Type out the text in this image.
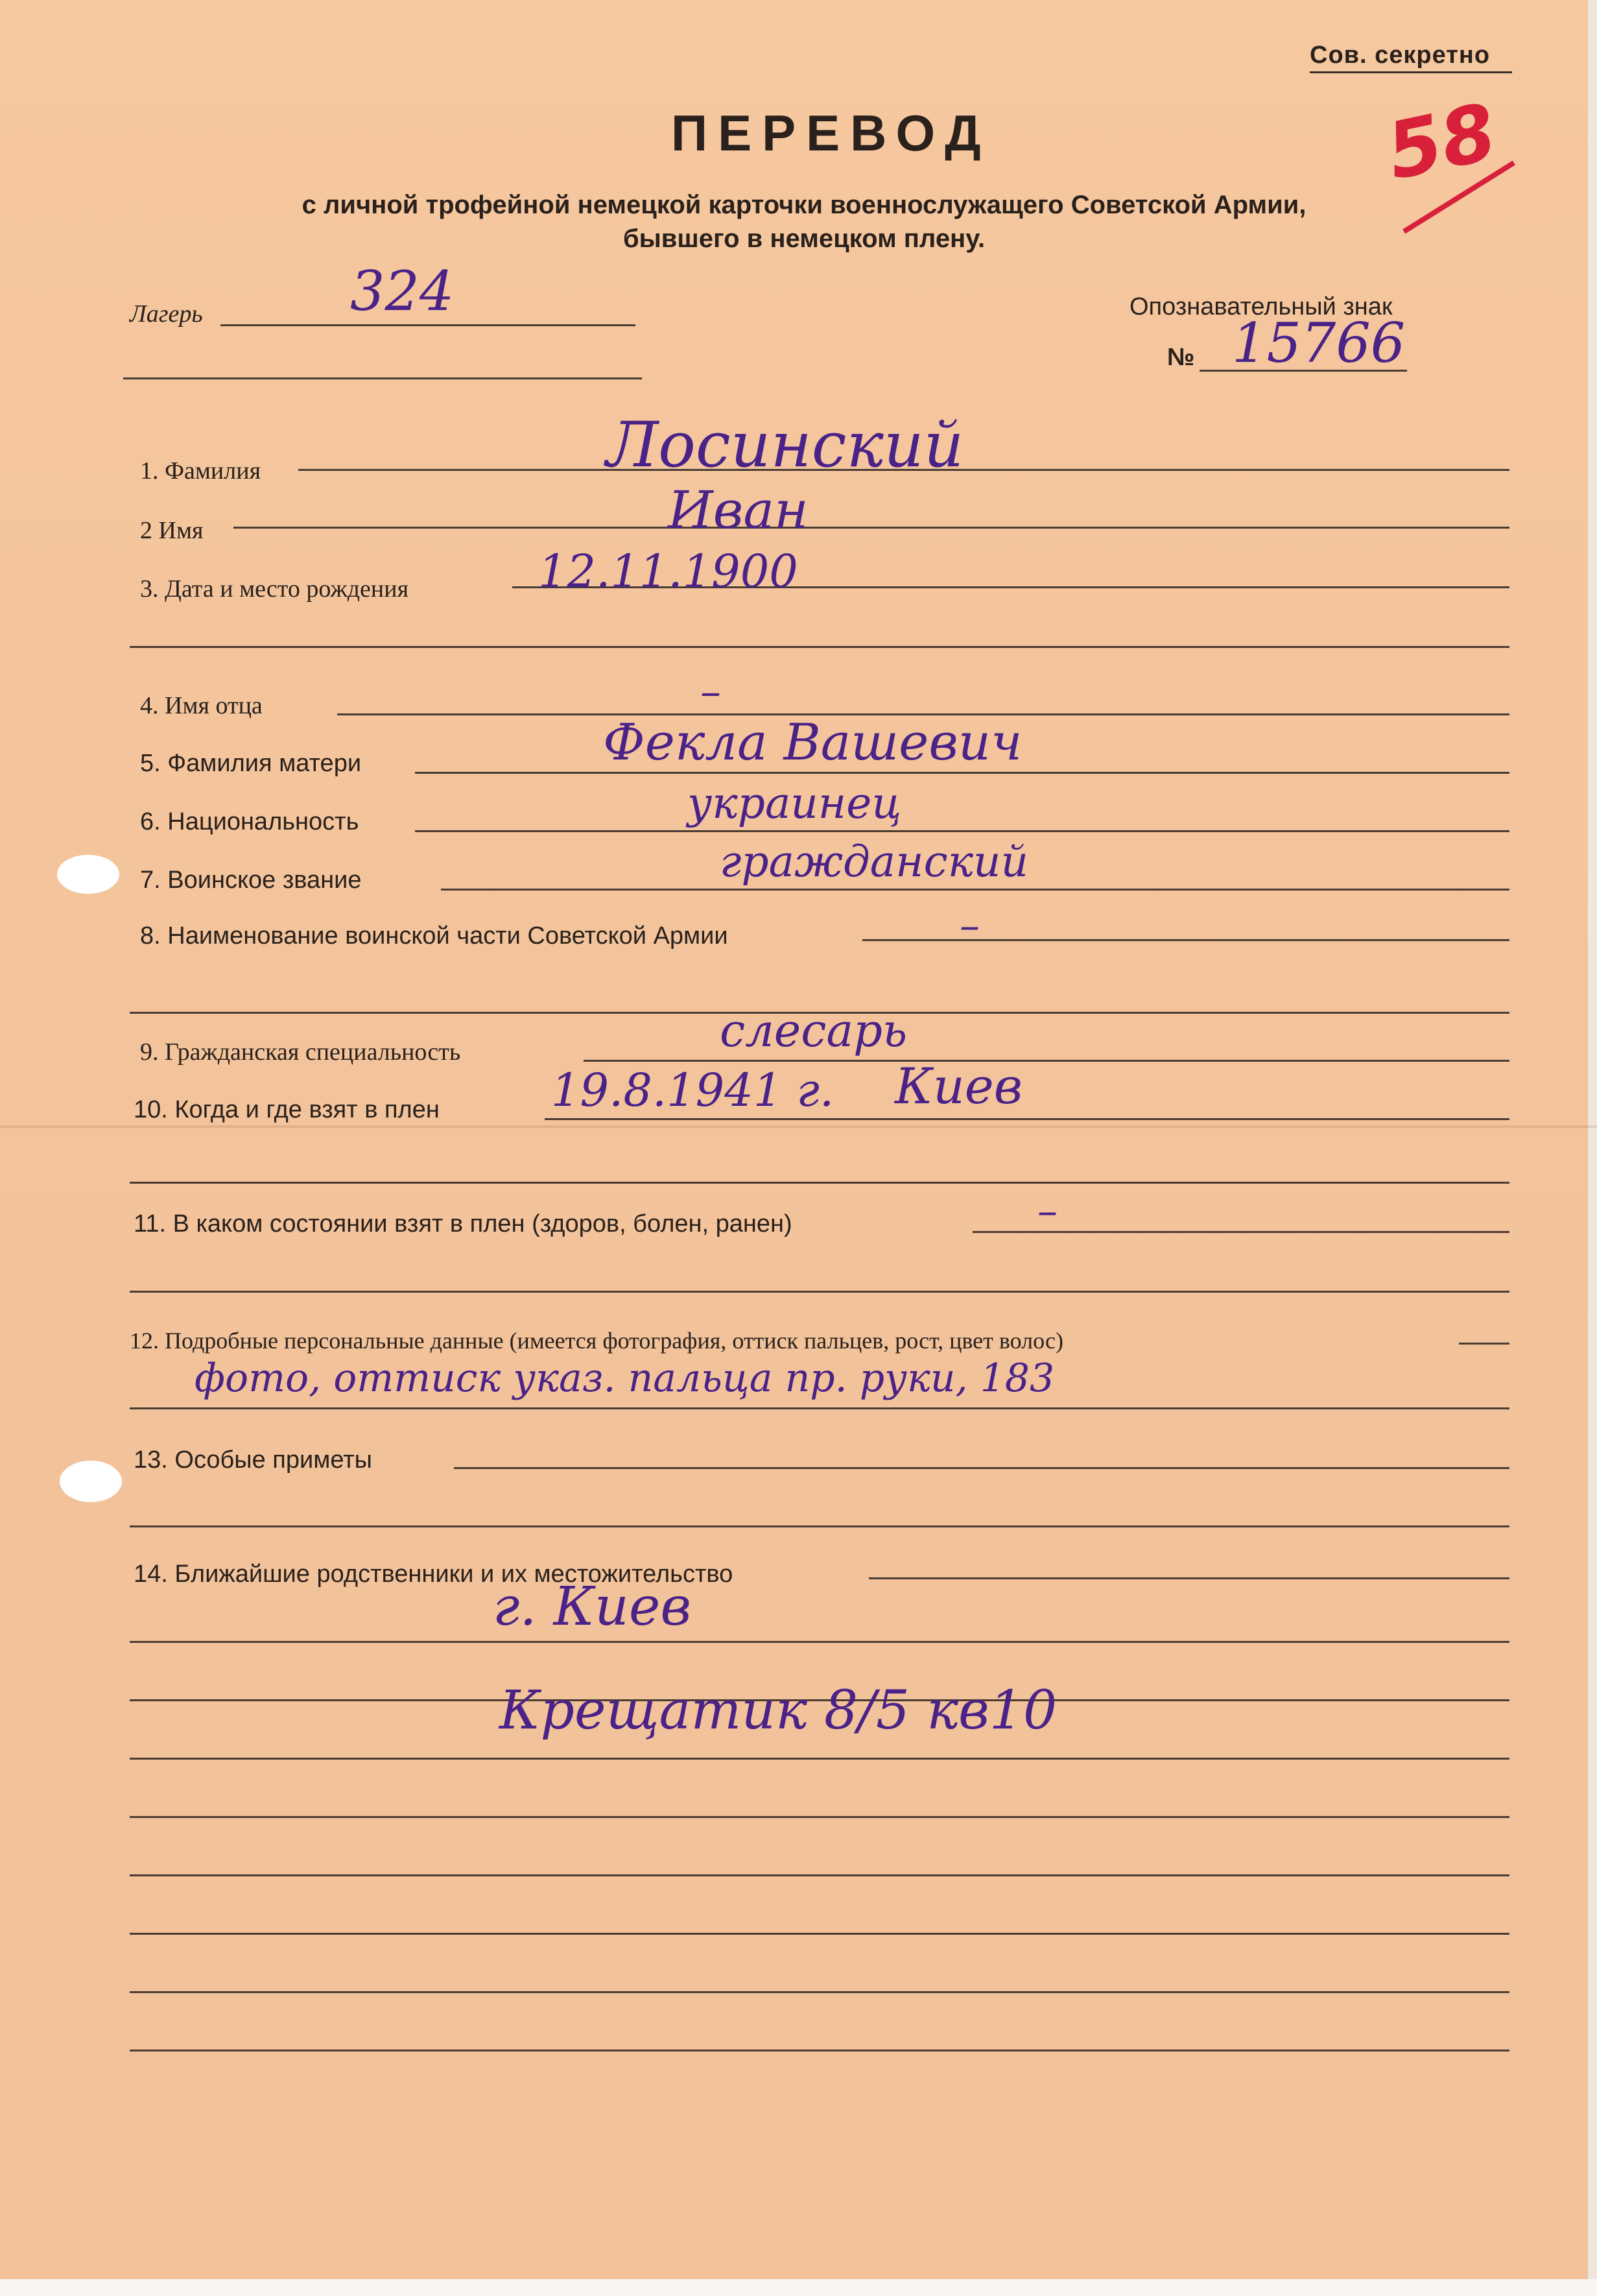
Сов. секретно
58
ПЕРЕВОД
с личной трофейной немецкой карточки военнослужащего Советской Армии, бывшего в немецком плену.
Лагерь	324	Опознавательный знак
№ 15766
1. Фамилия	Лосинский
2 Имя	Иван
3. Дата и место рождения	12.11.1900
4. Имя отца	–
5. Фамилия матери	Фекла Вашевич
6. Национальность	украинец
7. Воинское звание	гражданский
8. Наименование воинской части Советской Армии	–
9. Гражданская специальность	слесарь
10. Когда и где взят в плен 19.8.1941 г. Киев
11. В каком состоянии взят в плен (здоров, болен, ранен)	–
12. Подробные персональные данные (имеется фотография, оттиск пальцев, рост, цвет волос)
фото, оттиск указ. пальца пр. руки, 183
13. Особые приметы
14. Ближайшие родственники и их местожительство
г. Киев
Крещатик 8/5 кв10
